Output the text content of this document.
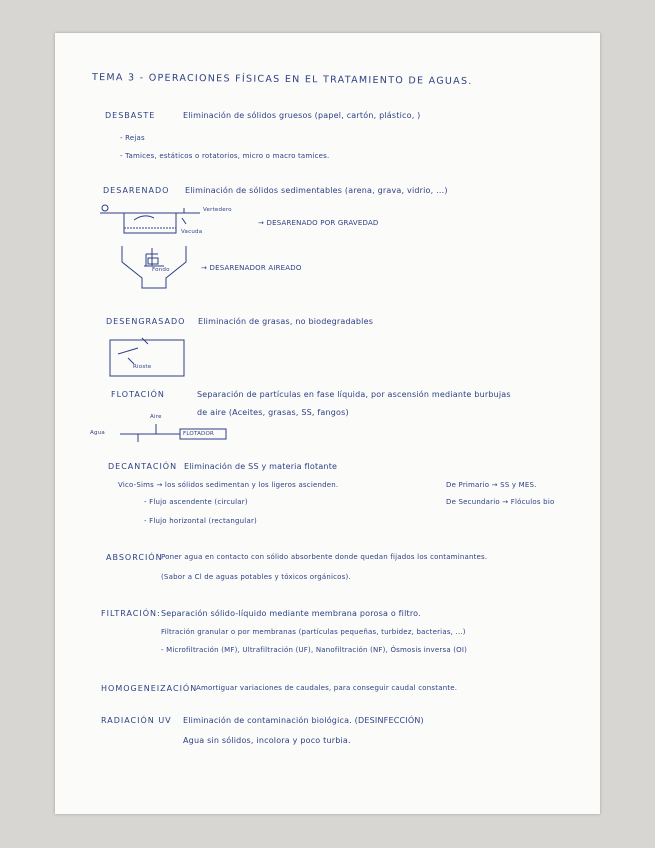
TEMA 3 - OPERACIONES FÍSICAS EN EL TRATAMIENTO DE AGUAS.
DESBASTE	Eliminación de sólidos gruesos (papel, cartón, plástico, )
- Rejas
- Tamices, estáticos o rotatorios, micro o macro tamices.
DESARENADO Eliminación de sólidos sedimentables (arena, grava, vidrio, ...)
Vertedero
Vacuda
→ DESARENADO POR GRAVEDAD
Fondo	→ DESARENADOR AIREADO
DESENGRASADO Eliminación de grasas, no biodegradables
Rioste
FLOTACIÓN	Separación de partículas en fase líquida, por ascensión mediante burbujas
de aire (Aceites, grasas, SS, fangos)
Aire
Agua	FLOTADOR
DECANTACIÓN Eliminación de SS y materia flotante
Vico-Sims → los sólidos sedimentan y los ligeros ascienden.	De Primario → SS y MES.
- Flujo ascendente (circular)	De Secundario → Flóculos bio
- Flujo horizontal (rectangular)
ABSORCIÓN
Poner agua en contacto con sólido absorbente donde quedan fijados los contaminantes.
(Sabor a Cl de aguas potables y tóxicos orgánicos).
FILTRACIÓN: Separación sólido-líquido mediante membrana porosa o filtro.
Filtración granular o por membranas (partículas pequeñas, turbidez, bacterias, ...)
- Microfiltración (MF), Ultrafiltración (UF), Nanofiltración (NF), Ósmosis inversa (OI)
HOMOGENEIZACIÓN
Amortiguar variaciones de caudales, para conseguir caudal constante.
RADIACIÓN UV Eliminación de contaminación biológica. (DESINFECCIÓN)
Agua sin sólidos, incolora y poco turbia.
